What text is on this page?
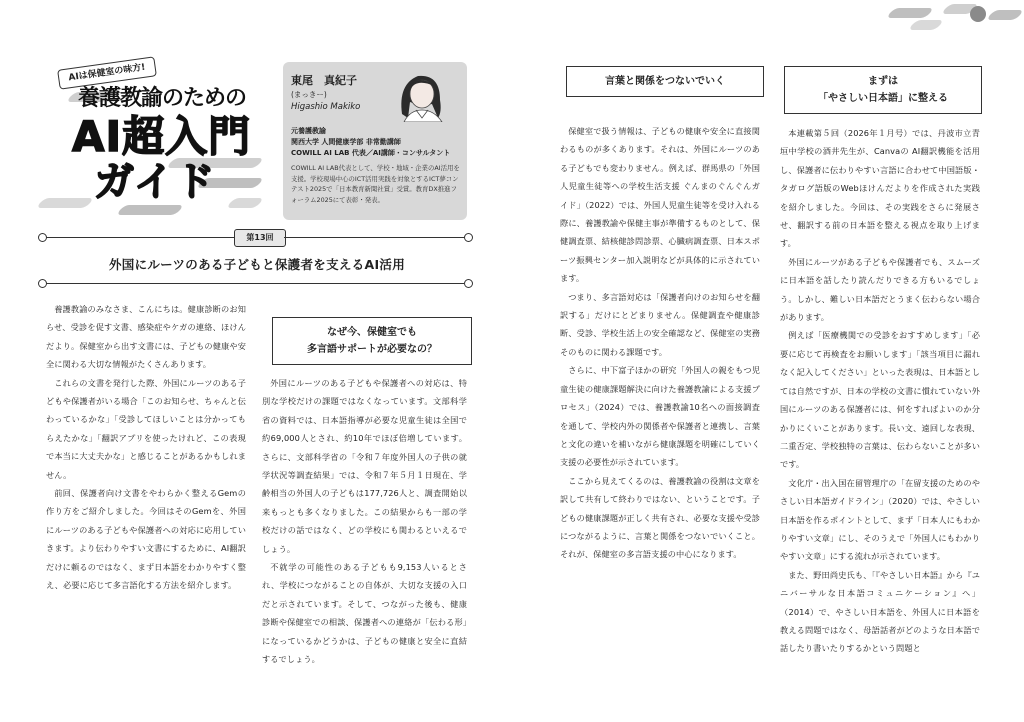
AIは保健室の味方!
養護教諭のための
AI超入門
ガイド
東尾　真紀子
(まっきー)
Higashio Makiko
元養護教諭
関西大学 人間健康学部 非常勤講師
COWILL AI LAB 代表／AI講師・コンサルタント
COWILL AI LAB代表として、学校・地域・企業のAI活用を支援。学校現場中心のICT活用実践を対象とするICT夢コンテスト2025で「日本教育新聞社賞」受賞。教育DX推進フォーラム2025にて表彰・発表。
第13回
外国にルーツのある子どもと保護者を支えるAI活用

養護教諭のみなさま、こんにちは。健康診断のお知らせ、受診を促す文書、感染症やケガの連絡、ほけんだより。保健室から出す文書には、子どもの健康や安全に関わる大切な情報がたくさんあります。

これらの文書を発行した際、外国にルーツのある子どもや保護者がいる場合「このお知らせ、ちゃんと伝わっているかな」「受診してほしいことは分かってもらえたかな」「翻訳アプリを使ったけれど、この表現で本当に大丈夫かな」と感じることがあるかもしれません。

前回、保護者向け文書をやわらかく整えるGemの作り方をご紹介しました。今回はそのGemを、外国にルーツのある子どもや保護者への対応に応用していきます。より伝わりやすい文書にするために、AI翻訳だけに頼るのではなく、まず日本語をわかりやすく整え、必要に応じて多言語化する方法を紹介します。

なぜ今、保健室でも
多言語サポートが必要なの？

外国にルーツのある子どもや保護者への対応は、特別な学校だけの課題ではなくなっています。文部科学省の資料では、日本語指導が必要な児童生徒は全国で約69,000人とされ、約10年でほぼ倍増しています。さらに、文部科学省の「令和７年度外国人の子供の就学状況等調査結果」では、令和７年５月１日現在、学齢相当の外国人の子どもは177,726人と、調査開始以来もっとも多くなりました。この結果からも一部の学校だけの話ではなく、どの学校にも関わるといえるでしょう。

不就学の可能性のある子どもも9,153人いるとされ、学校につながることの自体が、大切な支援の入口だと示されています。そして、つながった後も、健康診断や保健室での相談、保護者への連絡が「伝わる形」になっているかどうかは、子どもの健康と安全に直結するでしょう。

言葉と関係をつないでいく

保健室で扱う情報は、子どもの健康や安全に直接関わるものが多くあります。それは、外国にルーツのある子どもでも変わりません。例えば、群馬県の「外国人児童生徒等への学校生活支援 ぐんまのぐんぐんガイド」（2022）では、外国人児童生徒等を受け入れる際に、養護教諭や保健主事が準備するものとして、保健調査票、結核健診問診票、心臓病調査票、日本スポーツ振興センター加入説明などが具体的に示されています。

つまり、多言語対応は「保護者向けのお知らせを翻訳する」だけにとどまりません。保健調査や健康診断、受診、学校生活上の安全確認など、保健室の実務そのものに関わる課題です。

さらに、中下富子ほかの研究「外国人の親をもつ児童生徒の健康課題解決に向けた養護教諭による支援プロセス」（2024）では、養護教諭10名への面接調査を通して、学校内外の関係者や保護者と連携し、言葉と文化の違いを補いながら健康課題を明確にしていく支援の必要性が示されています。

ここから見えてくるのは、養護教諭の役割は文章を訳して共有して終わりではない、ということです。子どもの健康課題が正しく共有され、必要な支援や受診につながるように、言葉と関係をつないでいくこと。それが、保健室の多言語支援の中心になります。

まずは
「やさしい日本語」に整える

本連載第５回（2026年１月号）では、丹波市立青垣中学校の酒井先生が、Canvaの AI翻訳機能を活用し、保護者に伝わりやすい言語に合わせて中国語版・タガログ語版のWebほけんだよりを作成された実践を紹介しました。今回は、その実践をさらに発展させ、翻訳する前の日本語を整える視点を取り上げます。

外国にルーツがある子どもや保護者でも、スムーズに日本語を話したり読んだりできる方もいるでしょう。しかし、難しい日本語だとうまく伝わらない場合があります。

例えば「医療機関での受診をおすすめします」「必要に応じて再検査をお願いします」「該当項目に漏れなく記入してください」といった表現は、日本語としては自然ですが、日本の学校の文書に慣れていない外国にルーツのある保護者には、何をすればよいのか分かりにくいことがあります。長い文、遠回しな表現、二重否定、学校独特の言葉は、伝わらないことが多いです。

文化庁・出入国在留管理庁の「在留支援のためのやさしい日本語ガイドライン」（2020）では、やさしい日本語を作るポイントとして、まず「日本人にもわかりやすい文章」にし、そのうえで「外国人にもわかりやすい文章」にする流れが示されています。

また、野田尚史氏も、「『やさしい日本語』から『ユニバーサルな日本語コミュニケーション』へ」（2014）で、やさしい日本語を、外国人に日本語を教える問題ではなく、母語話者がどのような日本語で話したり書いたりするかという問題と
